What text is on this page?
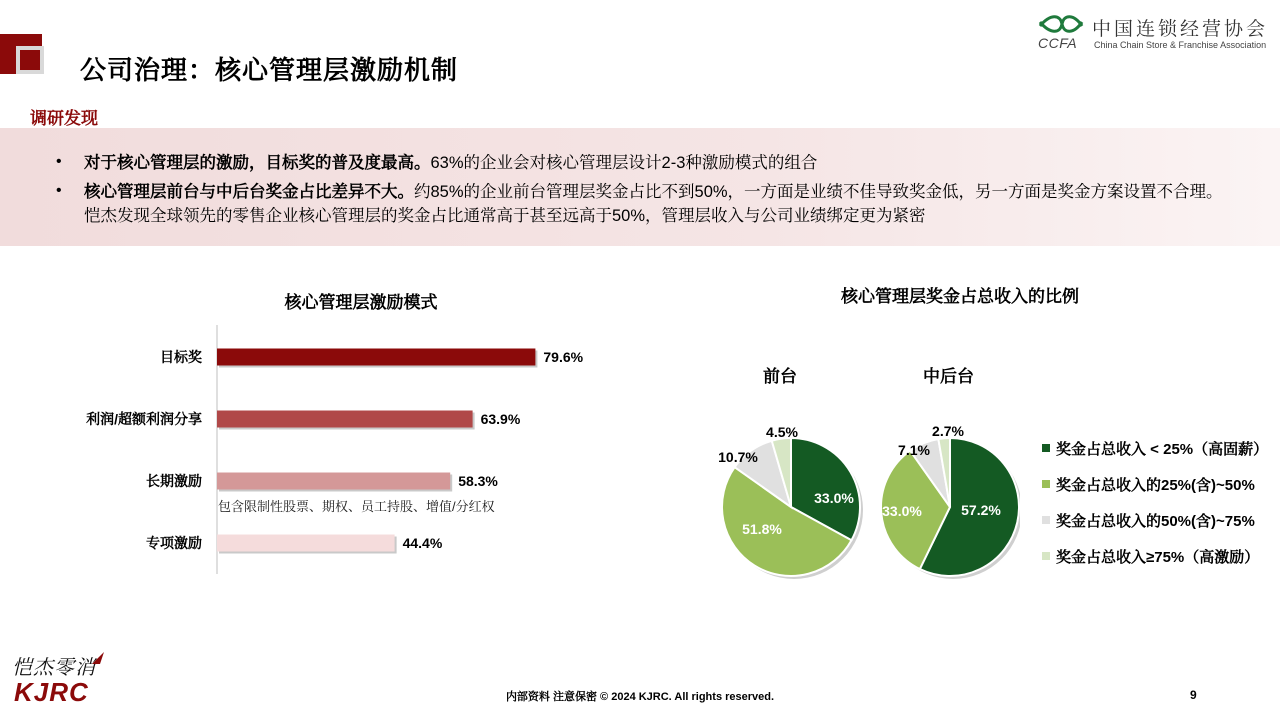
公司治理：核心管理层激励机制
CCFA
中国连锁经营协会
China Chain Store & Franchise Association
调研发现
• 对于核心管理层的激励，目标奖的普及度最高。63%的企业会对核心管理层设计2-3种激励模式的组合
• 核心管理层前台与中后台奖金占比差异不大。约85%的企业前台管理层奖金占比不到50%，一方面是业绩不佳导致奖金低，另一方面是奖金方案设置不合理。恺杰发现全球领先的零售企业核心管理层的奖金占比通常高于甚至远高于50%，管理层收入与公司业绩绑定更为紧密
核心管理层激励模式
目标奖	79.6%
利润/超额利润分享	63.9%
长期激励	58.3%
专项激励	44.4%
包含限制性股票、期权、员工持股、增值/分红权
核心管理层奖金占总收入的比例
前台	中后台
33.0%
51.8%
10.7%
4.5%
57.2%
33.0%
7.1%
2.7%
奖金占总收入 < 25%（高固薪）
奖金占总收入的25%(含)~50%
奖金占总收入的50%(含)~75%
奖金占总收入≥75%（高激励）
恺杰零消
KJRC	内部资料 注意保密 © 2024 KJRC. All rights reserved.	9
